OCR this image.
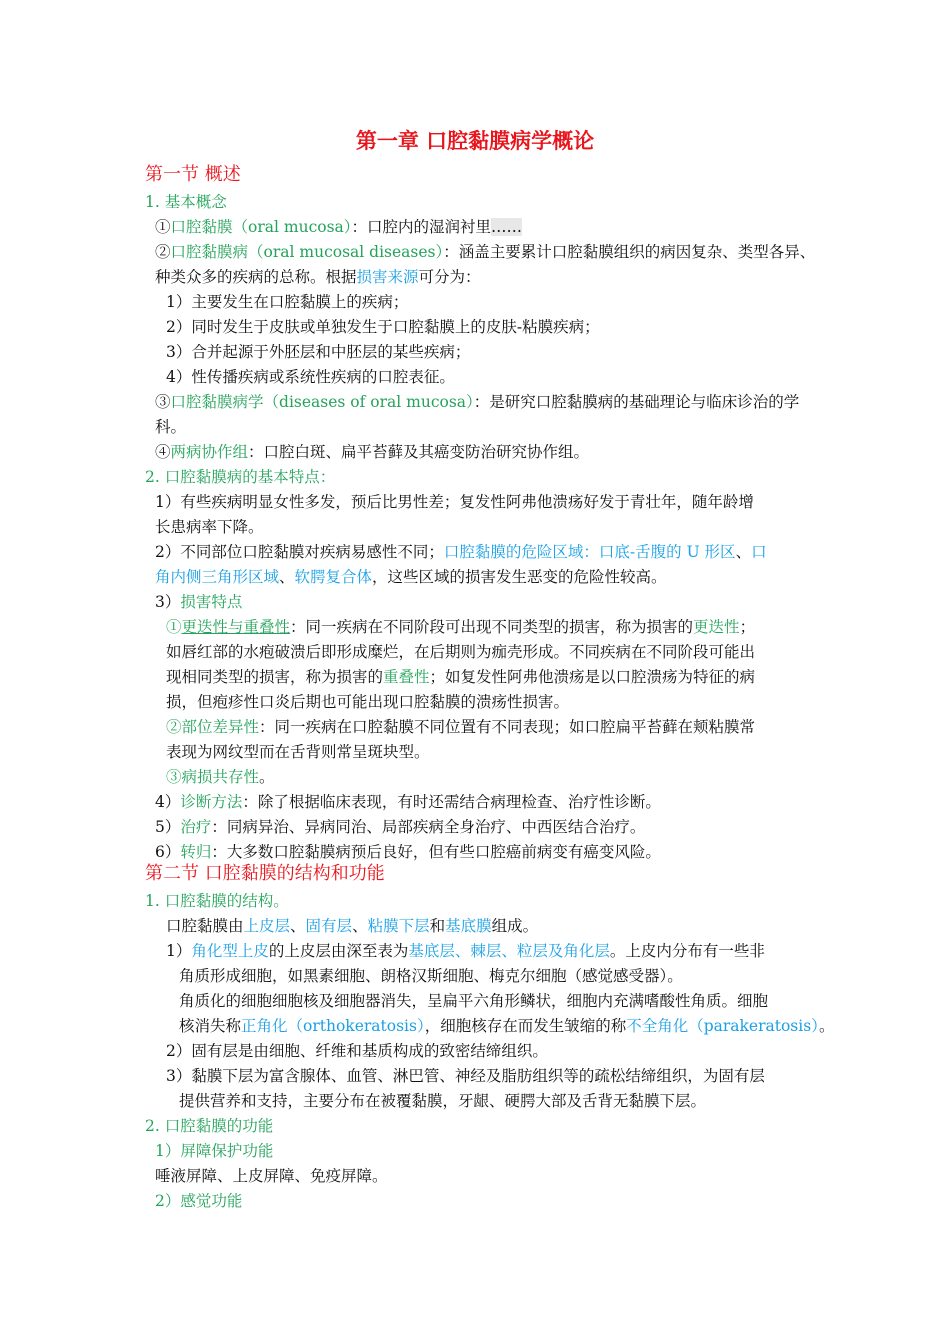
第一章 口腔黏膜病学概论
第一节 概述
1. 基本概念
①口腔黏膜（oral mucosa）：口腔内的湿润衬里……
②口腔黏膜病（oral mucosal diseases）：涵盖主要累计口腔黏膜组织的病因复杂、类型各异、
种类众多的疾病的总称。根据损害来源可分为：
1）主要发生在口腔黏膜上的疾病；
2）同时发生于皮肤或单独发生于口腔黏膜上的皮肤-粘膜疾病；
3）合并起源于外胚层和中胚层的某些疾病；
4）性传播疾病或系统性疾病的口腔表征。
③口腔黏膜病学（diseases of oral mucosa）：是研究口腔黏膜病的基础理论与临床诊治的学
科。
④两病协作组：口腔白斑、扁平苔藓及其癌变防治研究协作组。
2. 口腔黏膜病的基本特点：
1）有些疾病明显女性多发，预后比男性差；复发性阿弗他溃疡好发于青壮年，随年龄增
长患病率下降。
2）不同部位口腔黏膜对疾病易感性不同；口腔黏膜的危险区域：口底-舌腹的 U 形区、口
角内侧三角形区域、软腭复合体，这些区域的损害发生恶变的危险性较高。
3）损害特点
①更迭性与重叠性：同一疾病在不同阶段可出现不同类型的损害，称为损害的更迭性；
如唇红部的水疱破溃后即形成糜烂，在后期则为痂壳形成。不同疾病在不同阶段可能出
现相同类型的损害，称为损害的重叠性；如复发性阿弗他溃疡是以口腔溃疡为特征的病
损，但疱疹性口炎后期也可能出现口腔黏膜的溃疡性损害。
②部位差异性：同一疾病在口腔黏膜不同位置有不同表现；如口腔扁平苔藓在颊粘膜常
表现为网纹型而在舌背则常呈斑块型。
③病损共存性。
4）诊断方法：除了根据临床表现，有时还需结合病理检查、治疗性诊断。
5）治疗：同病异治、异病同治、局部疾病全身治疗、中西医结合治疗。
6）转归：大多数口腔黏膜病预后良好，但有些口腔癌前病变有癌变风险。
第二节 口腔黏膜的结构和功能
1. 口腔黏膜的结构。
口腔黏膜由上皮层、固有层、粘膜下层和基底膜组成。
1）角化型上皮的上皮层由深至表为基底层、棘层、粒层及角化层。上皮内分布有一些非
角质形成细胞，如黑素细胞、朗格汉斯细胞、梅克尔细胞（感觉感受器）。
角质化的细胞细胞核及细胞器消失，呈扁平六角形鳞状，细胞内充满嗜酸性角质。细胞
核消失称正角化（orthokeratosis），细胞核存在而发生皱缩的称不全角化（parakeratosis）。
2）固有层是由细胞、纤维和基质构成的致密结缔组织。
3）黏膜下层为富含腺体、血管、淋巴管、神经及脂肪组织等的疏松结缔组织，为固有层
提供营养和支持，主要分布在被覆黏膜，牙龈、硬腭大部及舌背无黏膜下层。
2. 口腔黏膜的功能
1）屏障保护功能
唾液屏障、上皮屏障、免疫屏障。
2）感觉功能
